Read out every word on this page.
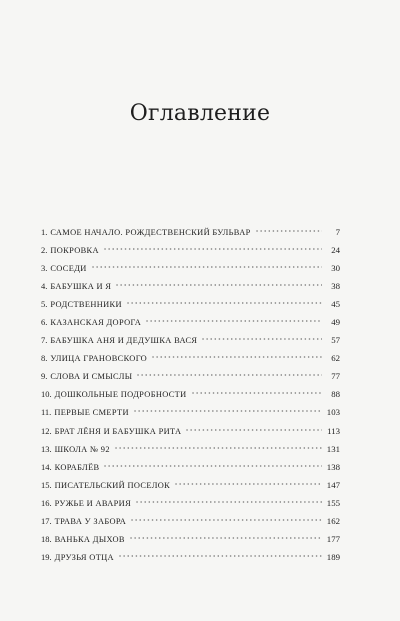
Оглавление
1. САМОЕ НАЧАЛО. РОЖДЕСТВЕНСКИЙ БУЛЬВАР	7
2. ПОКРОВКА	24
3. СОСЕДИ	30
4. БАБУШКА И Я	38
5. РОДСТВЕННИКИ	45
6. КАЗАНСКАЯ ДОРОГА	49
7. БАБУШКА АНЯ И ДЕДУШКА ВАСЯ	57
8. УЛИЦА ГРАНОВСКОГО	62
9. СЛОВА И СМЫСЛЫ	77
10. ДОШКОЛЬНЫЕ ПОДРОБНОСТИ	88
11. ПЕРВЫЕ СМЕРТИ	103
12. БРАТ ЛЁНЯ И БАБУШКА РИТА	113
13. ШКОЛА № 92	131
14. КОРАБЛЁВ	138
15. ПИСАТЕЛЬСКИЙ ПОСЕЛОК	147
16. РУЖЬЕ И АВАРИЯ	155
17. ТРАВА У ЗАБОРА	162
18. ВАНЬКА ДЫХОВ	177
19. ДРУЗЬЯ ОТЦА	189
